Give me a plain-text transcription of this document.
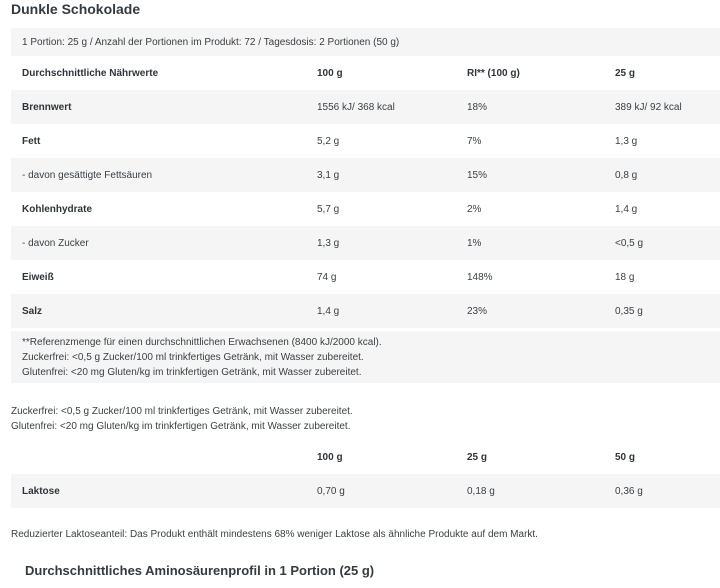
Dunkle Schokolade
1 Portion: 25 g / Anzahl der Portionen im Produkt: 72 / Tagesdosis: 2 Portionen (50 g)
Durchschnittliche Nährwerte	100 g	RI** (100 g)	25 g
Brennwert	1556 kJ/ 368 kcal	18%	389 kJ/ 92 kcal
Fett	5,2 g	7%	1,3 g
- davon gesättigte Fettsäuren	3,1 g	15%	0,8 g
Kohlenhydrate	5,7 g	2%	1,4 g
- davon Zucker	1,3 g	1%	<0,5 g
Eiweiß	74 g	148%	18 g
Salz	1,4 g	23%	0,35 g
**Referenzmenge für einen durchschnittlichen Erwachsenen (8400 kJ/2000 kcal).
Zuckerfrei: <0,5 g Zucker/100 ml trinkfertiges Getränk, mit Wasser zubereitet.
Glutenfrei: <20 mg Gluten/kg im trinkfertigen Getränk, mit Wasser zubereitet.
Zuckerfrei: <0,5 g Zucker/100 ml trinkfertiges Getränk, mit Wasser zubereitet.
Glutenfrei: <20 mg Gluten/kg im trinkfertigen Getränk, mit Wasser zubereitet.
	100 g	25 g	50 g
Laktose	0,70 g	0,18 g	0,36 g
Reduzierter Laktoseanteil: Das Produkt enthält mindestens 68% weniger Laktose als ähnliche Produkte auf dem Markt.
Durchschnittliches Aminosäurenprofil in 1 Portion (25 g)
